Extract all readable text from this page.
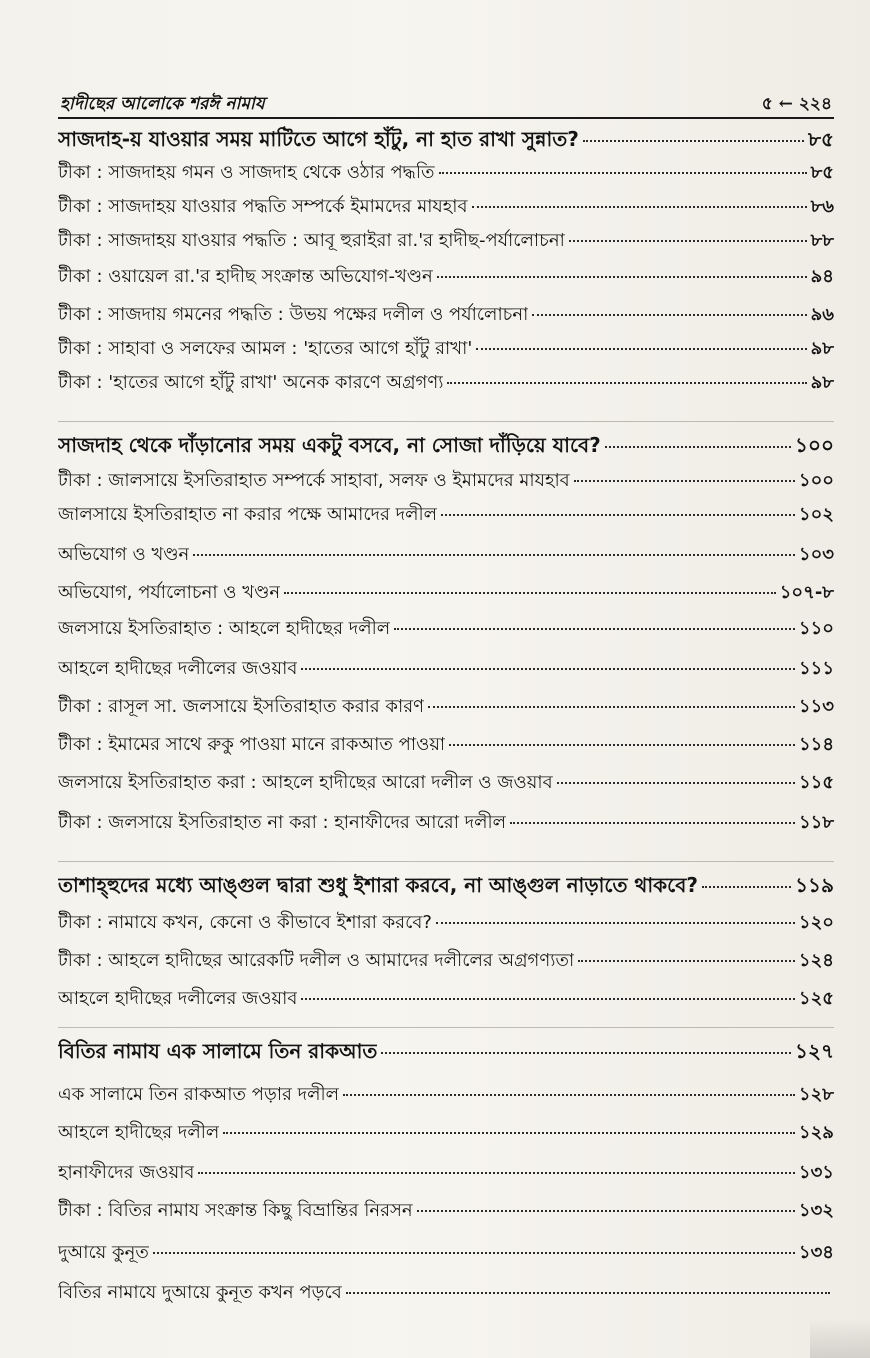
হাদীছের আলোকে শরঈ নামায	৫ ← ২২৪
সাজদাহ-য় যাওয়ার সময় মাটিতে আগে হাঁটু, না হাত রাখা সুন্নাত?	৮৫
টীকা : সাজদাহয় গমন ও সাজদাহ থেকে ওঠার পদ্ধতি	৮৫
টীকা : সাজদাহয় যাওয়ার পদ্ধতি সম্পর্কে ইমামদের মাযহাব	৮৬
টীকা : সাজদাহয় যাওয়ার পদ্ধতি : আবূ হুরাইরা রা.'র হাদীছ-পর্যালোচনা	৮৮
টীকা : ওয়ায়েল রা.'র হাদীছ সংক্রান্ত অভিযোগ-খণ্ডন	৯৪
টীকা : সাজদায় গমনের পদ্ধতি : উভয় পক্ষের দলীল ও পর্যালোচনা	৯৬
টীকা : সাহাবা ও সলফের আমল : 'হাতের আগে হাঁটু রাখা'	৯৮
টীকা : 'হাতের আগে হাঁটু রাখা' অনেক কারণে অগ্রগণ্য	৯৮
সাজদাহ থেকে দাঁড়ানোর সময় একটু বসবে, না সোজা দাঁড়িয়ে যাবে?	১০০
টীকা : জালসায়ে ইসতিরাহাত সম্পর্কে সাহাবা, সলফ ও ইমামদের মাযহাব	১০০
জালসায়ে ইসতিরাহাত না করার পক্ষে আমাদের দলীল	১০২
অভিযোগ ও খণ্ডন	১০৩
অভিযোগ, পর্যালোচনা ও খণ্ডন	১০৭-৮
জলসায়ে ইসতিরাহাত : আহলে হাদীছের দলীল	১১০
আহলে হাদীছের দলীলের জওয়াব	১১১
টীকা : রাসূল সা. জলসায়ে ইসতিরাহাত করার কারণ	১১৩
টীকা : ইমামের সাথে রুকু পাওয়া মানে রাকআত পাওয়া	১১৪
জলসায়ে ইসতিরাহাত করা : আহলে হাদীছের আরো দলীল ও জওয়াব	১১৫
টীকা : জলসায়ে ইসতিরাহাত না করা : হানাফীদের আরো দলীল	১১৮
তাশাহ্হুদের মধ্যে আঙ্গুল দ্বারা শুধু ইশারা করবে, না আঙ্গুল নাড়াতে থাকবে?	১১৯
টীকা : নামাযে কখন, কেনো ও কীভাবে ইশারা করবে?	১২০
টীকা : আহলে হাদীছের আরেকটি দলীল ও আমাদের দলীলের অগ্রগণ্যতা	১২৪
আহলে হাদীছের দলীলের জওয়াব	১২৫
বিতির নামায এক সালামে তিন রাকআত	১২৭
এক সালামে তিন রাকআত পড়ার দলীল	১২৮
আহলে হাদীছের দলীল	১২৯
হানাফীদের জওয়াব	১৩১
টীকা : বিতির নামায সংক্রান্ত কিছু বিভ্রান্তির নিরসন	১৩২
দুআয়ে কুনূত	১৩৪
বিতির নামাযে দুআয়ে কুনূত কখন পড়বে
